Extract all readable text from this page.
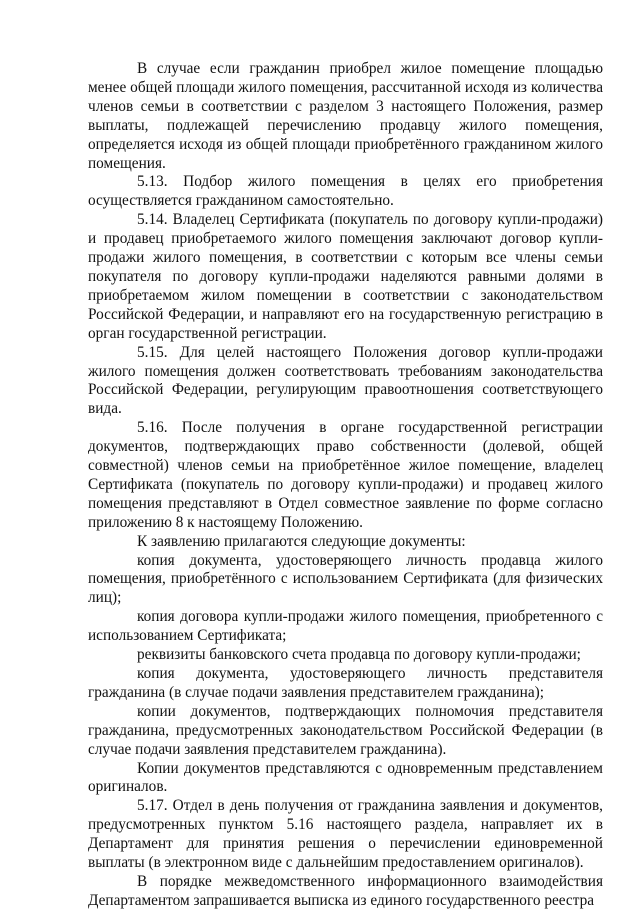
В случае если гражданин приобрел жилое помещение площадью менее общей площади жилого помещения, рассчитанной исходя из количества членов семьи в соответствии с разделом 3 настоящего Положения, размер выплаты, подлежащей перечислению продавцу жилого помещения, определяется исходя из общей площади приобретённого гражданином жилого помещения.

5.13. Подбор жилого помещения в целях его приобретения осуществляется гражданином самостоятельно.

5.14. Владелец Сертификата (покупатель по договору купли-продажи) и продавец приобретаемого жилого помещения заключают договор купли-продажи жилого помещения, в соответствии с которым все члены семьи покупателя по договору купли-продажи наделяются равными долями в приобретаемом жилом помещении в соответствии с законодательством Российской Федерации, и направляют его на государственную регистрацию в орган государственной регистрации.

5.15. Для целей настоящего Положения договор купли-продажи жилого помещения должен соответствовать требованиям законодательства Российской Федерации, регулирующим правоотношения соответствующего вида.

5.16. После получения в органе государственной регистрации документов, подтверждающих право собственности (долевой, общей совместной) членов семьи на приобретённое жилое помещение, владелец Сертификата (покупатель по договору купли-продажи) и продавец жилого помещения представляют в Отдел совместное заявление по форме согласно приложению 8 к настоящему Положению.

К заявлению прилагаются следующие документы:

копия документа, удостоверяющего личность продавца жилого помещения, приобретённого с использованием Сертификата (для физических лиц);

копия договора купли-продажи жилого помещения, приобретенного с использованием Сертификата;

реквизиты банковского счета продавца по договору купли-продажи;

копия документа, удостоверяющего личность представителя гражданина (в случае подачи заявления представителем гражданина);

копии документов, подтверждающих полномочия представителя гражданина, предусмотренных законодательством Российской Федерации (в случае подачи заявления представителем гражданина).

Копии документов представляются с одновременным представлением оригиналов.

5.17. Отдел в день получения от гражданина заявления и документов, предусмотренных пунктом 5.16 настоящего раздела, направляет их в Департамент для принятия решения о перечислении единовременной выплаты (в электронном виде с дальнейшим предоставлением оригиналов).

В порядке межведомственного информационного взаимодействия Департаментом запрашивается выписка из единого государственного реестра
